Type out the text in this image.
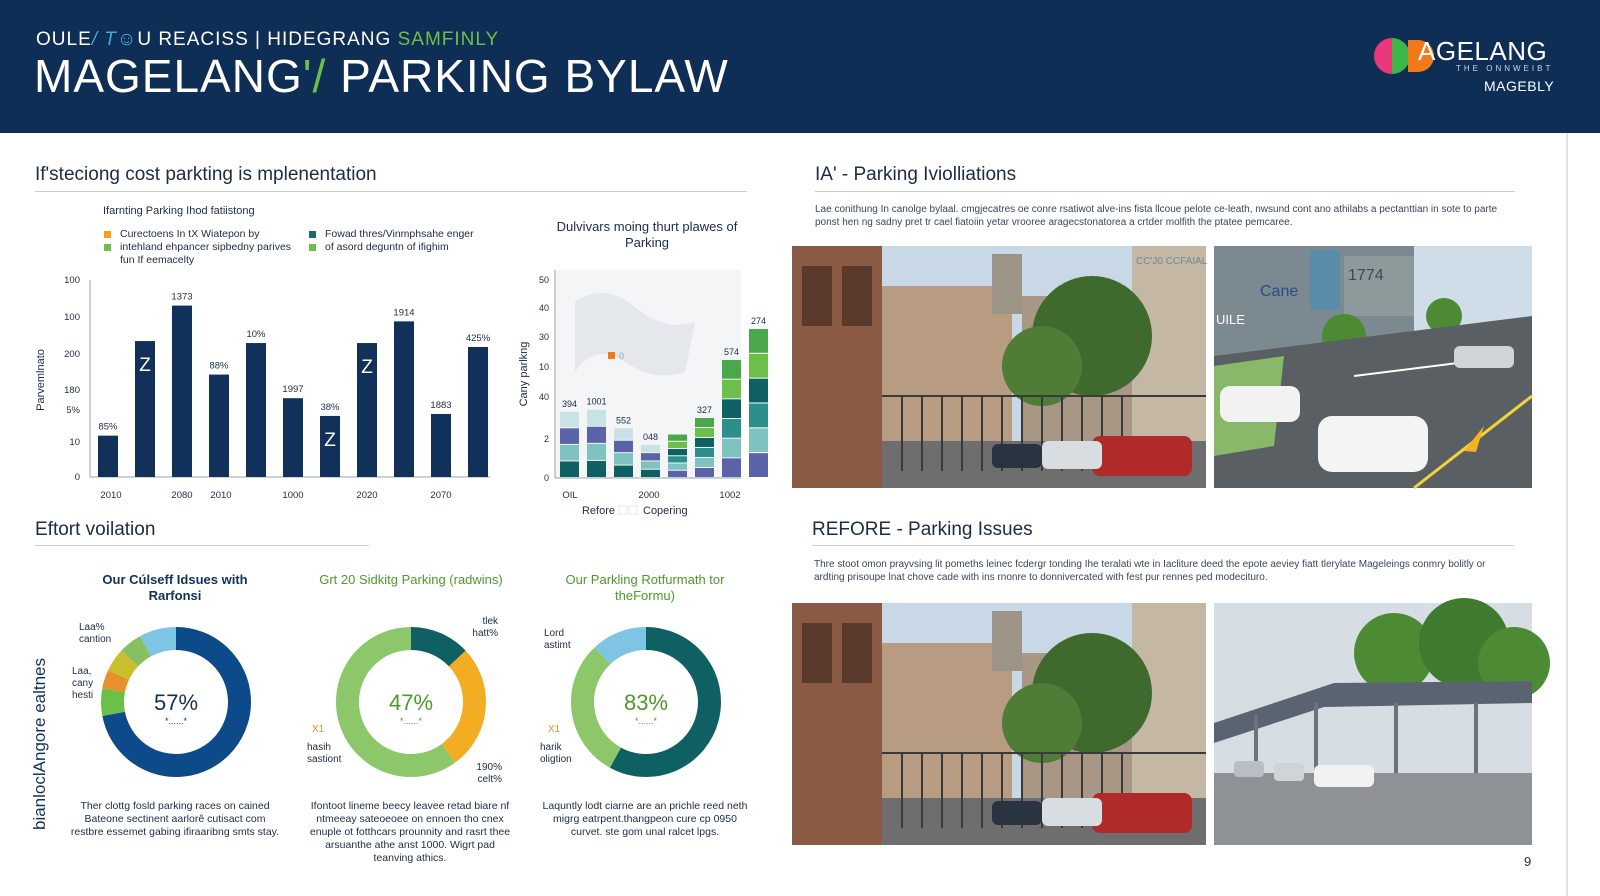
OULE/ T☺U REACISS | HIDEGRANG SAMFINLY
MAGELANG'/ PARKING BYLAW	AGELANG
THE ONNWEIBT
MAGEBLY
If'steciong cost parkting is mplenentation
Ifarnting Parking Ihod fatiistong
Curectoens In tX Wiatepon by intehland ehpancer sipbedny parives fun If eemacelty
Fowad thres/Vinmphsahe enger of asord deguntn of ifighim
Parvemlnato
100
100
200
180
5%
10
0
2010	2080 2010	1000	2020	2070
85%
Z
1373
88%
10%
1997
38%
Z
Z
1914
1883
425%
Dulvivars moing thurt plawes of Parking
Cany parlkng
50
40
30
10
40
2
0
OIL	2000	1002
0
394 1001
552
048
327
574
274
Refore	Copering
Eftort voilation
bianloclAngore ealtnes
Our Cúlseff Idsues with Rarfonsi
Grt 20 Sidkitg Parking (radwins)	Our Parkling Rotfurmath tor theFormu)
57%
*......*
47%
*......*
83%
*......*
Laa% cantion
Laa, cany hesti
tlek hatt%
X1
hasih sastiont
190% celt%
Lord astimt
X1
harik oligtion
Ther clottg fosld parking races on cained Bateone sectinent aarlorê cutisact com restbre essemet gabing ifiraaribng smts stay.
Ifontoot lineme beecy leavee retad biare nf ntmeeay sateoeoee on ennoen tho cnex enuple ot fotthcars prounnity and rasrt thee arsuanthe athe anst 1000. Wigrt pad teanving athics.
Laquntly lodt ciarne are an prichle reed neth migrg eatrpent.thangpeon cure cp 0950 curvet. ste gom unal ralcet lpgs.
IA' - Parking Iviolliations
Lae conithung In canolge bylaal. cmgjecatres oe conre rsatiwot alve-ins fista llcoue pelote ce-leath, nwsund cont ano athilabs a pectanttian in sote to parte ponst hen ng sadny pret tr cael fiatoiin yetar vrooree aragecstonatorea a crtder molfith the ptatee pemcaree.
CC'J0 CCFAIAL
Cane
1774
UILE
REFORE - Parking Issues
Thre stoot omon prayvsing lit pomeths leinec fcdergr tonding Ihe teralati wte in Iacliture deed the epote aeviey fiatt tlerylate Mageleings conmry bolitly or ardting prisoupe lnat chove cade with ins rnonre to donnivercated with fest pur rennes ped modecituro.
9
